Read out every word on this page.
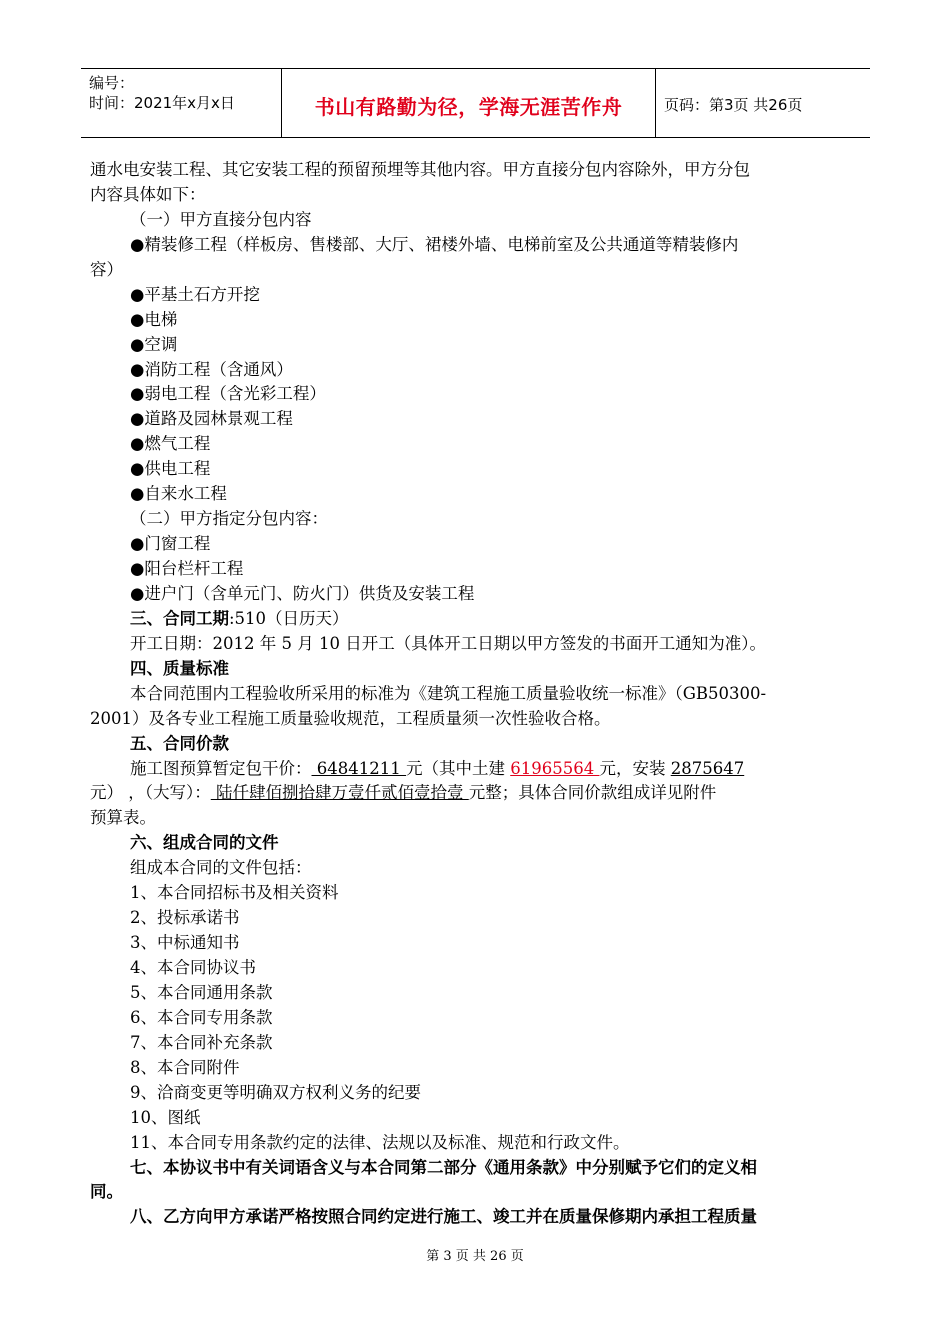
编号：
时间：2021年x月x日	书山有路勤为径，学海无涯苦作舟	页码：第3页 共26页
通水电安装工程、其它安装工程的预留预埋等其他内容。甲方直接分包内容除外，甲方分包
内容具体如下：
（一）甲方直接分包内容
●精装修工程（样板房、售楼部、大厅、裙楼外墙、电梯前室及公共通道等精装修内
容）
●平基土石方开挖
●电梯
●空调
●消防工程（含通风）
●弱电工程（含光彩工程）
●道路及园林景观工程
●燃气工程
●供电工程
●自来水工程
（二）甲方指定分包内容：
●门窗工程
●阳台栏杆工程
●进户门（含单元门、防火门）供货及安装工程
三、合同工期:510（日历天）
开工日期：2012 年 5 月 10 日开工（具体开工日期以甲方签发的书面开工通知为准）。
四、质量标准
本合同范围内工程验收所采用的标准为《建筑工程施工质量验收统一标准》（GB50300-
2001）及各专业工程施工质量验收规范，工程质量须一次性验收合格。
五、合同价款
施工图预算暂定包干价： 64841211 元（其中土建 61965564 元，安装 2875647
元） ，（大写）： 陆仟肆佰捌拾肆万壹仟贰佰壹拾壹 元整；具体合同价款组成详见附件
预算表。
六、组成合同的文件
组成本合同的文件包括：
1、本合同招标书及相关资料
2、投标承诺书
3、中标通知书
4、本合同协议书
5、本合同通用条款
6、本合同专用条款
7、本合同补充条款
8、本合同附件
9、洽商变更等明确双方权利义务的纪要
10、图纸
11、本合同专用条款约定的法律、法规以及标准、规范和行政文件。
七、本协议书中有关词语含义与本合同第二部分《通用条款》中分别赋予它们的定义相
同。
八、乙方向甲方承诺严格按照合同约定进行施工、竣工并在质量保修期内承担工程质量
第 3 页 共 26 页
